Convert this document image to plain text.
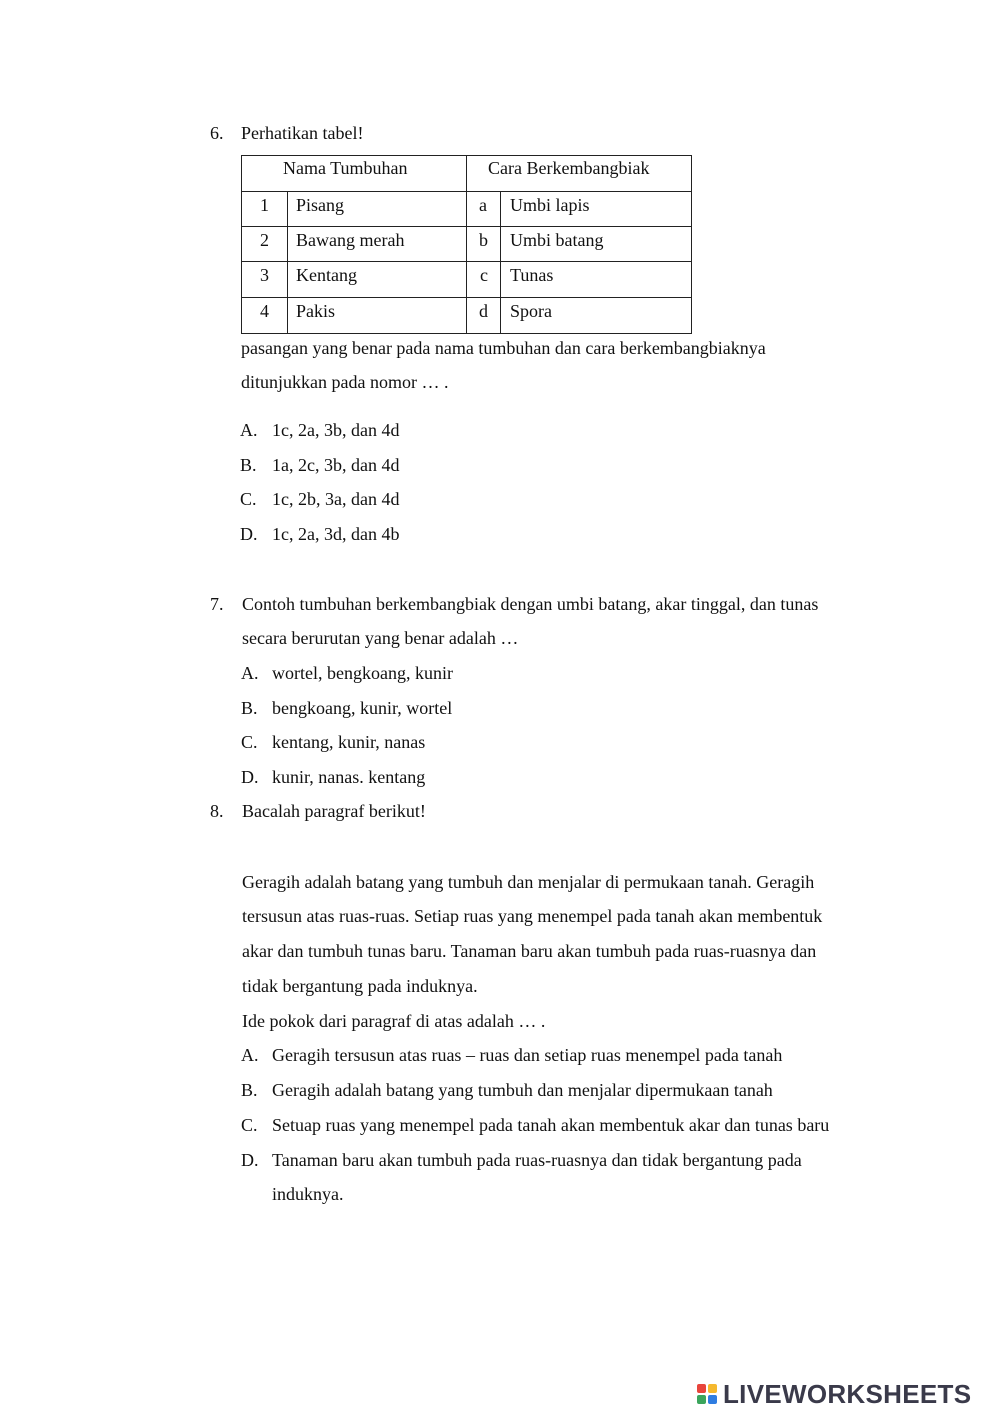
6. Perhatikan tabel!
Nama Tumbuhan	Cara Berkembangbiak
1 Pisang	a Umbi lapis
2 Bawang merah	b Umbi batang
3 Kentang	c Tunas
4 Pakis	d Spora
pasangan yang benar pada nama tumbuhan dan cara berkembangbiaknya
ditunjukkan pada nomor … .
A. 1c, 2a, 3b, dan 4d
B. 1a, 2c, 3b, dan 4d
C. 1c, 2b, 3a, dan 4d
D. 1c, 2a, 3d, dan 4b
7. Contoh tumbuhan berkembangbiak dengan umbi batang, akar tinggal, dan tunas
secara berurutan yang benar adalah …
A. wortel, bengkoang, kunir
B. bengkoang, kunir, wortel
C. kentang, kunir, nanas
D. kunir, nanas. kentang
8. Bacalah paragraf berikut!
Geragih adalah batang yang tumbuh dan menjalar di permukaan tanah. Geragih
tersusun atas ruas-ruas. Setiap ruas yang menempel pada tanah akan membentuk
akar dan tumbuh tunas baru. Tanaman baru akan tumbuh pada ruas-ruasnya dan
tidak bergantung pada induknya.
Ide pokok dari paragraf di atas adalah … .
A. Geragih tersusun atas ruas – ruas dan setiap ruas menempel pada tanah
B. Geragih adalah batang yang tumbuh dan menjalar dipermukaan tanah
C. Setuap ruas yang menempel pada tanah akan membentuk akar dan tunas baru
D. Tanaman baru akan tumbuh pada ruas-ruasnya dan tidak bergantung pada
induknya.
LIVEWORKSHEETS
